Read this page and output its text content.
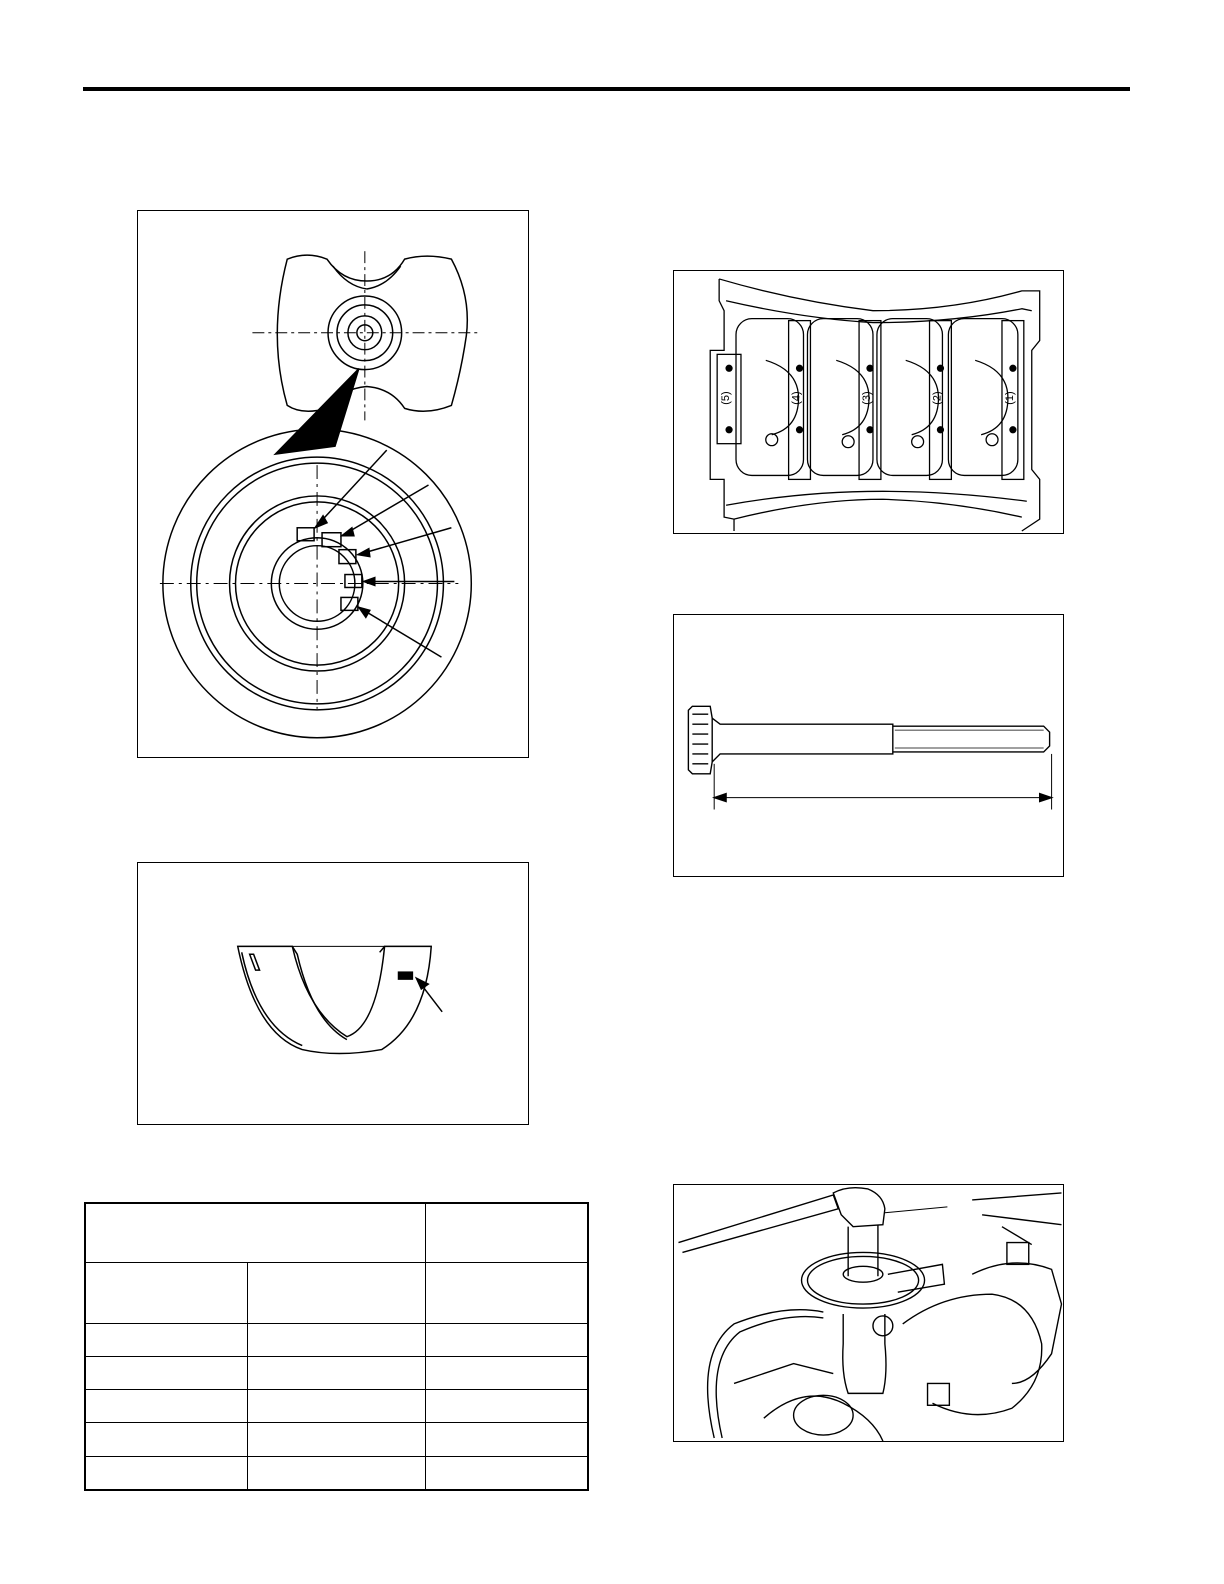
(5)	(4)	(3)	(2)	(1)
